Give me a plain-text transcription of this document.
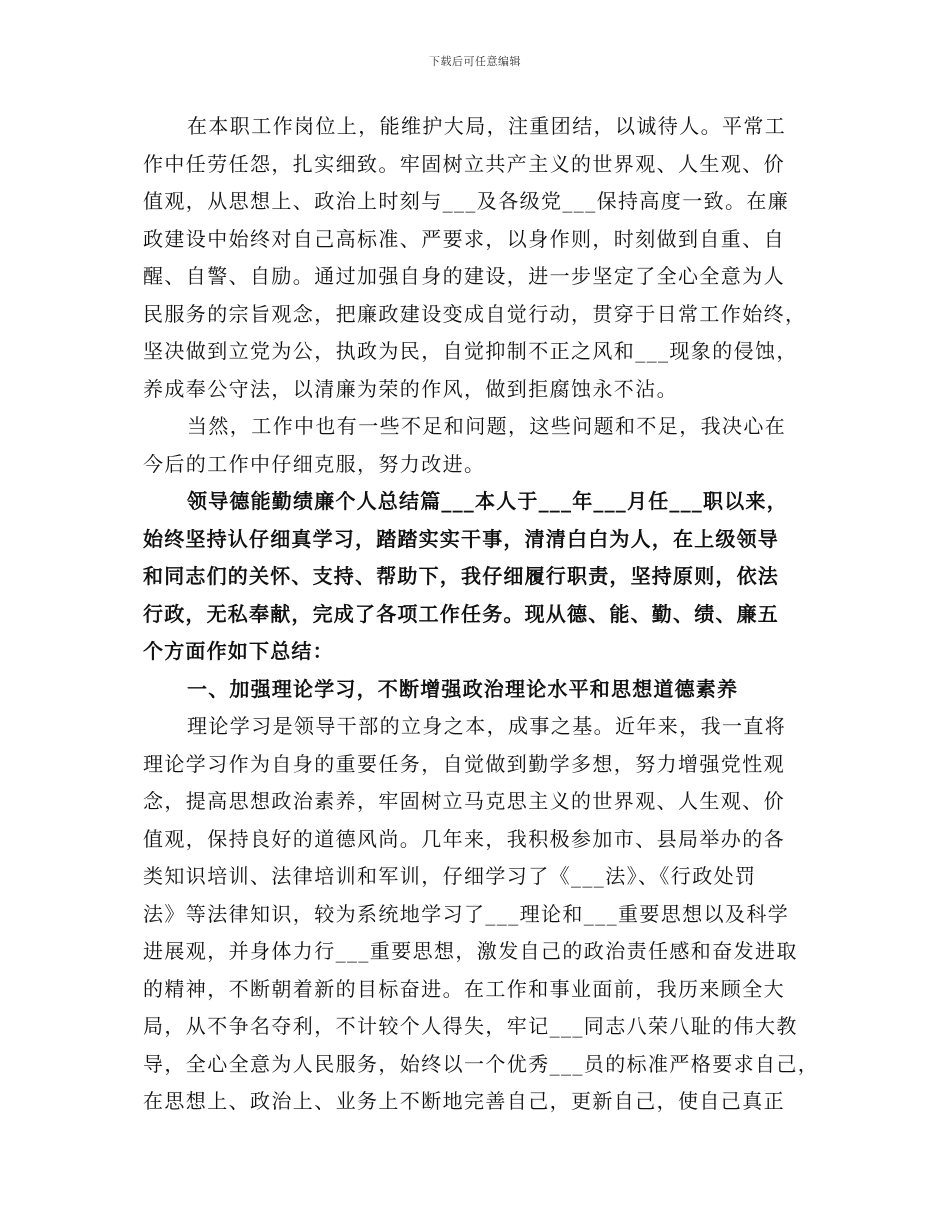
下载后可任意编辑
在本职工作岗位上，能维护大局，注重团结，以诚待人。平常工
作中任劳任怨，扎实细致。牢固树立共产主义的世界观、人生观、价
值观，从思想上、政治上时刻与___及各级党___保持高度一致。在廉
政建设中始终对自己高标准、严要求，以身作则，时刻做到自重、自
醒、自警、自励。通过加强自身的建设，进一步坚定了全心全意为人
民服务的宗旨观念，把廉政建设变成自觉行动，贯穿于日常工作始终，
坚决做到立党为公，执政为民，自觉抑制不正之风和___现象的侵蚀，
养成奉公守法，以清廉为荣的作风，做到拒腐蚀永不沾。
当然，工作中也有一些不足和问题，这些问题和不足，我决心在
今后的工作中仔细克服，努力改进。
领导德能勤绩廉个人总结篇___本人于___年___月任___职以来，
始终坚持认仔细真学习，踏踏实实干事，清清白白为人，在上级领导
和同志们的关怀、支持、帮助下，我仔细履行职责，坚持原则，依法
行政，无私奉献，完成了各项工作任务。现从德、能、勤、绩、廉五
个方面作如下总结：
一、加强理论学习，不断增强政治理论水平和思想道德素养
理论学习是领导干部的立身之本，成事之基。近年来，我一直将
理论学习作为自身的重要任务，自觉做到勤学多想，努力增强党性观
念，提高思想政治素养，牢固树立马克思主义的世界观、人生观、价
值观，保持良好的道德风尚。几年来，我积极参加市、县局举办的各
类知识培训、法律培训和军训，仔细学习了《___法》、《行政处罚
法》等法律知识，较为系统地学习了___理论和___重要思想以及科学
进展观，并身体力行___重要思想，激发自己的政治责任感和奋发进取
的精神，不断朝着新的目标奋进。在工作和事业面前，我历来顾全大
局，从不争名夺利，不计较个人得失，牢记___同志八荣八耻的伟大教
导，全心全意为人民服务，始终以一个优秀___员的标准严格要求自己，
在思想上、政治上、业务上不断地完善自己，更新自己，使自己真正
